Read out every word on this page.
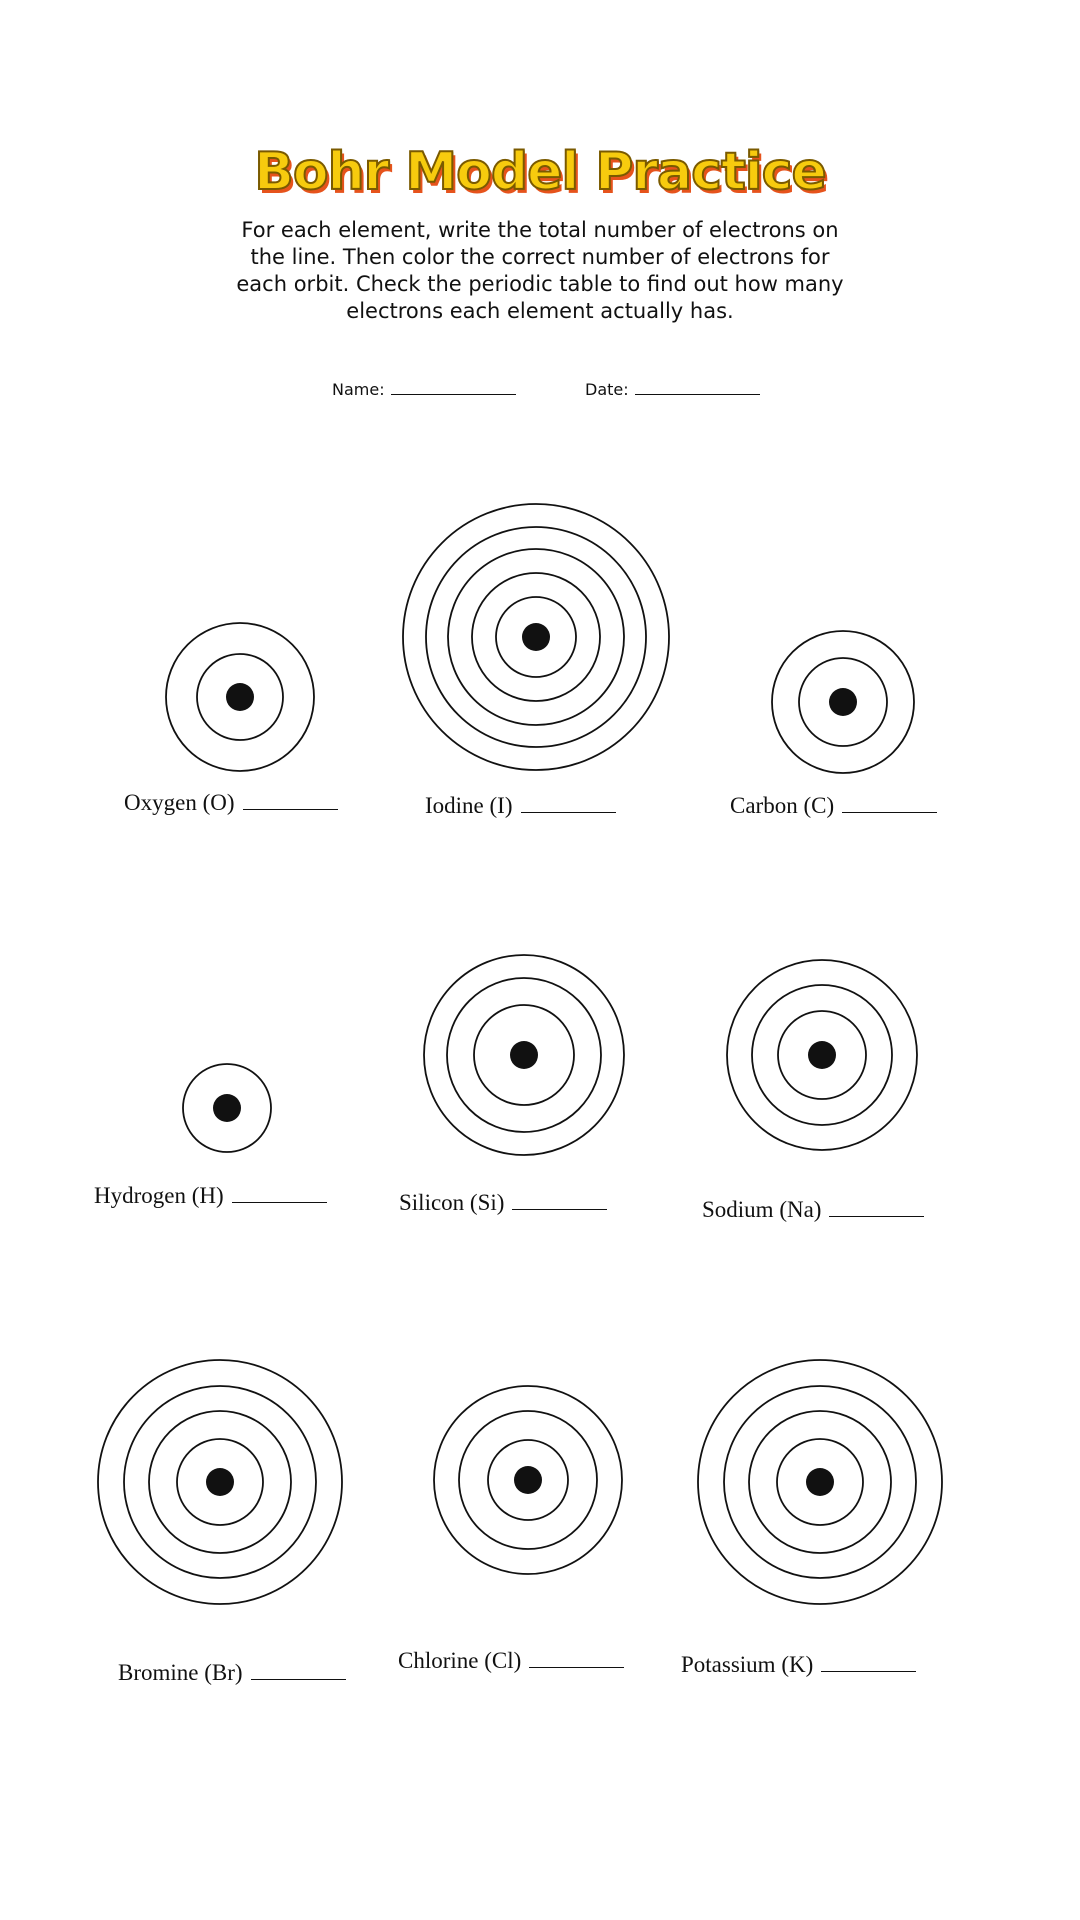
Bohr Model Practice
For each element, write the total number of electrons on the line. Then color the correct number of electrons for each orbit. Check the periodic table to find out how many electrons each element actually has.
Name:	Date:
Oxygen (O)	Iodine (I)	Carbon (C)
Hydrogen (H)	Silicon (Si)	Sodium (Na)
Bromine (Br)	Chlorine (Cl)	Potassium (K)
